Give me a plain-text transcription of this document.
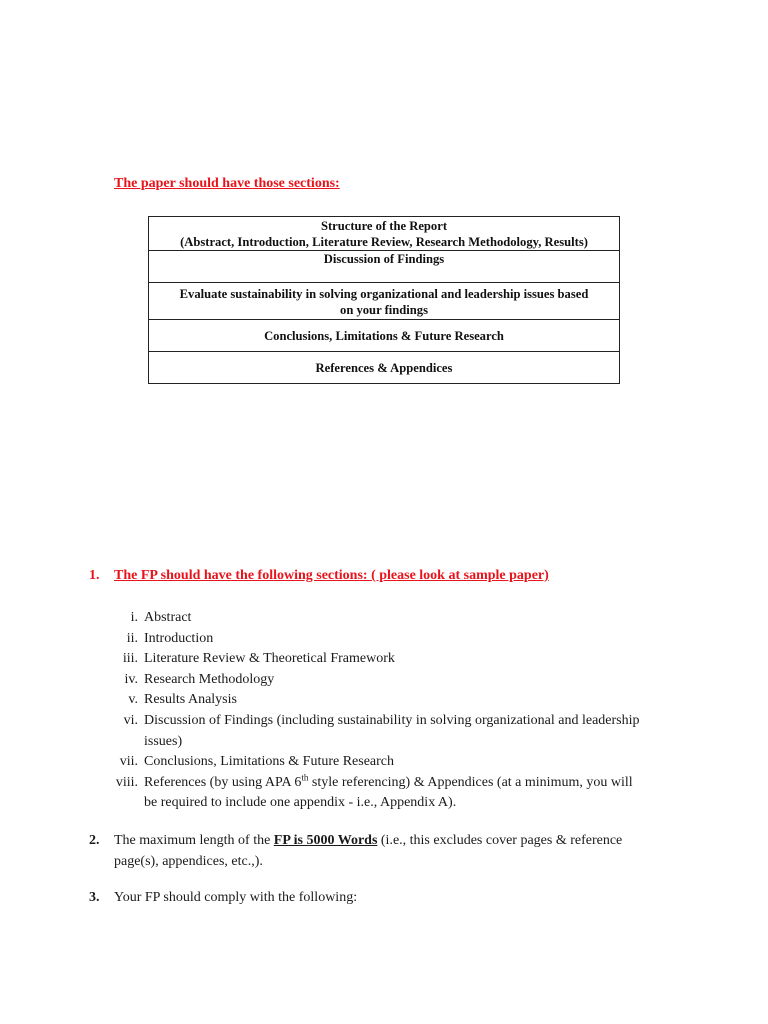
The paper should have those sections:
Structure of the Report
(Abstract, Introduction, Literature Review, Research Methodology, Results)

Discussion of Findings

Evaluate sustainability in solving organizational and leadership issues based
on your findings

Conclusions, Limitations & Future Research
References & Appendices
1. The FP should have the following sections: ( please look at sample paper)
i. Abstract
ii. Introduction
iii. Literature Review & Theoretical Framework
iv. Research Methodology
v. Results Analysis
vi. Discussion of Findings (including sustainability in solving organizational and leadership
issues)
vii. Conclusions, Limitations & Future Research
viii. References (by using APA 6th style referencing) & Appendices (at a minimum, you will
be required to include one appendix - i.e., Appendix A).
2. The maximum length of the FP is 5000 Words (i.e., this excludes cover pages & reference
page(s), appendices, etc.,).
3. Your FP should comply with the following:
